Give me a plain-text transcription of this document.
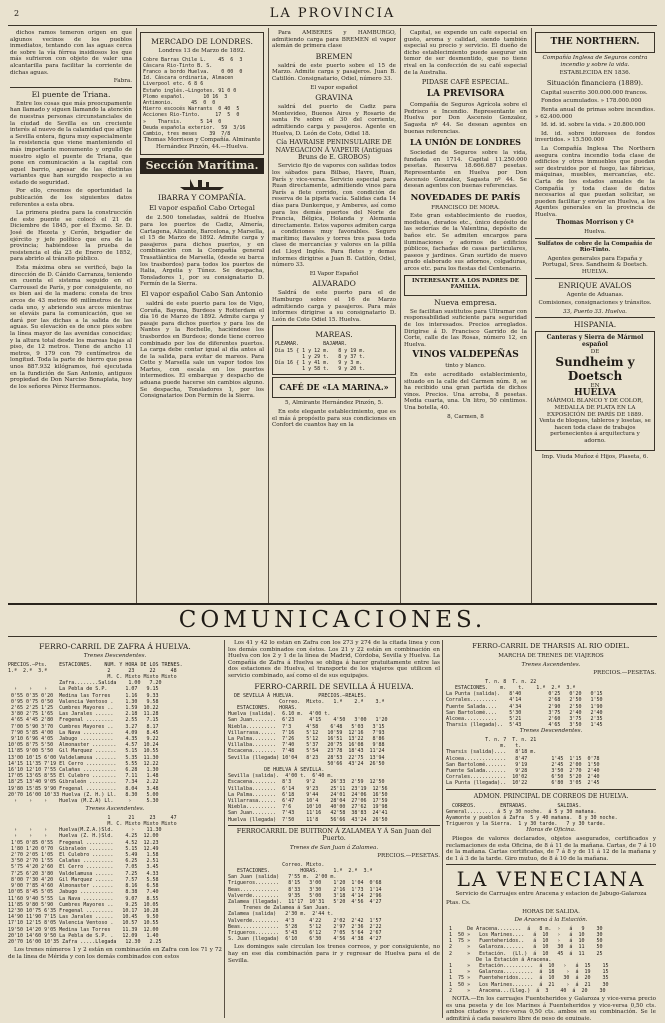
2	LA PROVINCIA

dichos ramos temeron origen en que algunos vecinos de los pueblos inmediatos, tentando con las aguas cerca de sobre la vía férrea insidiosos los que más sufrieron con objeto de valer una alcantarilla para facilitar la corriente de dichas aguas.

Fabra.

El puente de Triana.

Entre los cosas que más preocupamente han llamado y siguen llamando la atención de nuestras personas circunstanciales de la ciudad de Sevilla es un creciente interés al nuevo de la calamidad que aflige a Sevilla entera, figura muy especialmente la resistencia que viene manteniendo el más importante monumento y orgullo de nuestro siglo el puente de Triana, que pone en comunicación a la capital con aquel barrio, apesar de las distintas variantes que han surgido respecto a su estado de seguridad.

Por ello, creemos de oportunidad la publicación de los siguientes datos referentes a esta obra.

La primera piedra para la construcción de este puente se colocó el 21 de Diciembre de 1845, por el Excmo. Sr. D. José de Hezeta y Cerón, brigadier de ejército y jefe político que era de la provincia; habiéndose la prueba de resistencia el día 23 de Enero de 1852, para abrirlo al tránsito público.

Esta máxima obra se verificó, bajo la dirección de D. Cánido Carranza, teniendo en cuenta el sistema seguido en el Carrousel de París, y por consiguiente, no es bien así de la madera: consta de tres arcos de 43 metros 66 milímetros de luz cada uno, y abriendo sus arcos mientras se eleváis para la comunicación, que se dará por las dichas a la salida de las aguas. Su elevación es de once pies sobre la línea mayor de las avenidas conocidas; y la altura total desde los mareas bajas al piso, de 12 metros. Tiene de ancho 11 metros, 9 179 con 79 centímetros de longitud. Toda la parte de hierro que pesa unos 887.932 kilógramos, fué ejecutada en la fundición de San Antonio, antiguos propiedad de Don Narciso Bonaplata, hoy de los señores Pérez Hermanos.

MERCADO DE LONDRES.

Londres 13 de Marzo de 1892.

Cobre Barras Chile L.    45  6  3
Cáscara Rio-Tinto B. S.
Franco a bordo Huelva.    0 00  0
Id. Cáscara ordinaria, Almacen Liverpool etc. 6 8 6
Estaño inglés.—Lingotes. 91 0 0
Plomo español.      10 16  3
Antimonio.      45  0  0
Hierro escocés Warrants  0 40  5
Acciones Rio-Tinto.     17  5  0
»    Tharsis.      5 14  0
Deuda española exterior.  59  3/16
Cambio, tres meses    39  7/8

Thomas Morrison y Compañía. Almirante Hernández Pinzón, 44.—Huelva.

Sección Marítima.

IBARRA Y COMPAÑÍA.

El vapor español Cabo Ortegal

de 2.500 toneladas, saldrá de Huelva para los puertos de Cadiz, Almería, Cartagena, Alicante, Barcelona, y Marsella, el 15 de Marzo de 1892. Admite carga y pasajeros para dichos puertos, y en combinación con la Compañía general Trasatlántica de Marsella, (desde su barca los trasbordos) para todos los puertos de Italia, Argelia y Túnez. Se despacha, Tonsladores 1, por su consignatario D. Fermín de la Sierra.

El vapor español Cabo San Antonio

saldrá de este puerto para los de Vigo, Coruña, Bayona, Burdeos y Rotterdam el día 16 de Marzo de 1892. Admite carga y pasaje para dichos puertos y para los de Nantes y la Rochelle, haciéndose los trasbordos en Burdeos; donde tiene correo combinado por los de diferentes puertos. La carga debe contar igual al día antes al de la salida, para evitar de mareos. Para Cette y Marsella sale un vapor todos los Martes, con escala en los puertos intermedios. El embarque y despacho de aduana puede hacerse sin cambios alguno. Se despacha, Tonsladores 1, por los Consignatarios Don Fermín de la Sierra.

Para AMBERES y HAMBURGO, admitiendo carga para BREMEN el vapor alemán de primera clase

BREMEN

saldrá de este puerto sobre el 15 de Marzo. Admite carga y pasajeros. Juan B. Catillón. Consignatario, Odiel, número 33.

El vapor español

GRAVINA

saldrá del puerto de Cadiz para Montevideo, Buenos Aires y Rosario de santa Fe sobre el 30 del corriente, admitiendo carga y pasajeros. Agente en Huelva, D. León de Coto, Odiel 18.

Cía HAVRAISE PENINSULAIRE DE NAVEGACION Á VAPEUR (Antiguas Bruns de E. GROBOS)

Servicio fijo de vapores con salidas todos los sábados para Bilbao, Havre, Ruan, París y vice-versa. Servicio especial para Ruan directamente, admitiendo vinos para París a flete corrido, con condición de reserva de la pipeta vacía. Salidas cada 14 días para Dunkerque, y Amberes, así como para los demás puertos del Norte de Francia, Bélgica, Holanda y Alemania directamente. Estos vapores admiten carga a condiciones muy favorables. Seguro marítimo; flavales y torres tres pasa toda clase de mercancías y valores en la pilila del Lloyd Inglés. Para fletes y demas informes dirigirse a Juan B. Catilón, Odiel, número 33.

El Vapor Español

ALVARADO

Saldrá de este puerto para el de Hamburgo sobre el 16 de Marzo admitiendo carga y pasajeros. Para más informes dirigirse a su consignatario D. León de Coto Odiel 15. Huelva.

MAREAS.

PLEAMAR.        BAJAMAR.
Día 15 { 1 y 12 m.   8 y 19 m.
1 y 29 t.   8 y 37 t.
Día 16 { 1 y 41 m.   9 y 3 m.
1 y 58 t.   9 y 20 t.

CAFÉ DE «LA MARINA.»

5, Almirante Hernández Pinzón, 5.

En este elegante establecimiento, que es el más á propósito para sus condiciones en Confort de cuantos hay en la

Capital, se expende un café especial en gusto, aroma y calidad, siendo también especial su precio y servicio. El dueño de dicho establecimiento puede asegurar sin temor de ser desmentido, que no tiene rival en la confección de su café especial de la Australia.

PIDASE CAFÉ ESPECIAL.

LA PREVISORA

Compañía de Seguros Agrícola sobre el Pedrisco e Incendio. Representante en Huelva por Don Ascensio Gonzalez, Sagasta nº 44. Se desean agentes en buenas referencias.

LA UNIÓN DE LONDRES

Sociedad de Seguros sobre la vida, fundada en 1714. Capital 11.250.000 pesetas. Reserva 18.666.687 pesetas. Representante en Huelva por Don Ascensio Gonzalez, Sagasta nº 44. Se desean agentes con buenas referencias.

NOVEDADES DE PARÍS

FRANCISCO DE MORA.

Este gran establecimiento de ruedos, modistas, derados etc., único depósito de las sederías de la Valentina, depósito de baños etc. Se admiten encargos para iluminaciones y adornos de edificios públicos, fachadas de casas particulares, paseos y jardines. Gran surtido de nuevo grado elaborado sus adornos, colgaduras, arcos etc. para los fiestas del Centenario.

INTERESANTE A LOS PADRES DE FAMILIA.

Nueva empresa.

Se facilitan sustitutos para Ultramar con responsabilidad suficiente para seguridad de los interesados. Precios arreglados. Dirigirse á D. Francisco Garrido de la Corte, calle de las Rosas, número 12, en Huelva.

VINOS VALDEPEÑAS

tinto y blanco.

En este acreditado establecimiento, situado en la calle del Carmen núm. 8, se ha recibido una gran partida de dichos vinos. Precios. Una arroba, 8 pesetas. Media cuarta, una. Un litro, 50 céntimos. Una botella, 40.

8, Carmen, 8

THE NORTHERN.

Compañía Inglesa de Seguros contra incendio y sobre la vida.

ESTABLECIDA EN 1836.

Situación financiera (1889).

Capital suscrito 300.000.000 francos.

Fondos acumulados. » 178.000.000

Renta anual de primas sobre incendios. » 62.400.000

Id. id. id. sobre la vida. » 20.800.000

Id. id. sobre intereses de fondos invertidos. » 15.500.000

La Compañía Inglesa The Northern asegura contra incendio toda clase de edificios y otros inmuebles que puedan ser destruidos por el fuego, las fábricas, máquinas, muebles, mercancías, etc. Carta de los estados anuales de la Compañía y toda clase de datos necesarios al que puedan solicitar, se pueden facilitar y enviar en Huelva, a los Agentes generales en la provincia de Huelva.

Thomas Morrison y Cª

Huelva.

Sulfatos de cobre de la Compañía de Rio-Tinto.

Agentes generales para España y Portugal, Sres. Sandheim & Doetsch. HUELVA.

ENRIQUE AVALOS

Agente de Aduanas.

Comisiones, consignaciones y tránsitos.

33, Puerto 33. Huelva.

HISPANIA.

Canteras y Sierra de Mármol español
DE
Sundheim y Doetsch
EN
HUELVA

MÁRMOL BLANCO Y DE COLOR, MEDALLA DE PLATA EN LA EXPOSICIÓN DE PARÍS DE 1889. Venta de bloques, tableros y losetas, se hacen toda clase de trabajos pertenecientes á arquitectura y adorno.

Imp. Viuda Muñoz é Hijos, Plaseta, 6.

COMUNICACIONES.

FERRO-CARRIL DE ZAFRA Á HUELVA.

Trenes Descendentes.

PRECIOS.—Pts.    ESTACIONES.    NUM. Y HORA DE LOS TRENES.
1.ª  2.ª  3.ª                    2      23     22     48
M. C. Mixto Mixto Mixto
Zafra........Salida    1.00   7.20
›    ›    ›    La Pebla de S.P.      1.07   9.15
0'55 0'35 0'20  Medina las Torres     1.16   9.33
0'95 0'75 0'50  Valencia Ventoso .    1.30   9.58
2'65 2'25 1'25  Cumbres Mayores ..    1.59  10.22
3'80 2'75 1'65  Las Jarales ......    2.18  11.28
4'65 4'45 2'80  Fregenal .........    2.55   7.15
7'00 5'90 3'70  Cumbres Mayores ..    3.27   8.17
7'90 5'85 4'00  La Nava ..........    4.09   8.45
9'10 6'96 4'05  Jabugo ...........    4.35   9.22
10'05 8'75 5'50  Almonaster ........   4.57  10.24
11'85 9'00 5'50  Gil Marquez .......   5.15  10.55
13'00 10'15 6'00 Valdelamusa .......   5.35  11.30
14'15 11'35 7'19 El Cerro ..........   5.55  12.22
16'10 12'10 7'55 Calañas ...........   6.28   1.30
17'05 13'65 8'55 El Culebro ........   7.11   1.48
18'25 13'40 9'05 Gibraleón .........   7.34   2.22
19'80 15'85 9'90 Fregenal ..........   8.04   3.48
20'70 16'00 10'33 Huelva (Z. H.) Ll.   8.30   5.00
›    ›    ›    Huelva (M.Z.A) Ll.     ›     5.30

Trenes Ascendentes.

1      21     23     47
M. C. Mixto Mixto Mixto
›    ›    ›    Huelva(M.Z.A.)Sld.      ›    11.30
›    ›    ›    Huelva (Z. H.)Sld.    4.25  12.00
1'05 0'85 0'55  Fregenal .........    4.52  12.23
1'80 1'20 0'70  Gibraleón ........    5.15  12.49
2'70 2'05 1'05  El Culebro .......    5.49   1.58
3'50 2'70 1'55  Calañas ..........    6.25   2.51
5'75 4'20 2'60  El Cerro .........    7.05   3.45
7'25 6'20 3'80  Valdelamusa ......    7.25   4.33
8'00 7'30 4'20  Gil Marquez ......    7.57   5.58
9'00 7'85 4'60  Almonaster .......    8.16   6.58
10'05 8'45 5'05  Jabugo ...........    8.38   7.40
11'60 9'40 5'55  La Nava ..........    9.07   8.55
11'85 9'80 5'90  Cumbres Mayores ..    9.25  10.05
12'30 10'75 6'35 Fregenal .........   10.17  10.28
14'90 11'90 7'15 Las Jarales ......   10.45   9.50
17'10 12'15 8'05 Valencia Ventoso .   10.57  10.55
19'50 14'20 9'05 Medina las Torres    11.39  12.00
20'10 14'60 9'50 La Pebla de S.P. .   12.09   1.40
20'70 16'00 10'35 Zafra .....Llegada   12.30   2.25

Los trenes números 1 y 2 están en combinación en Zafra con los 71 y 72 de la línea de Mérida y con los demás combinados con estos

Los 41 y 42 lo están en Zafra con los 273 y 274 de la citada línea y con los demás combinados con éstos. Los 21 y 22 están en combinación en Huelva con los 2 y 1 de la línea de Madrid, Córdoba, Sevilla y Huelva. La Compañía de Zafra á Huelva se obliga á hacer gratuitamente entre las dos estaciones de Huelva, el transporte de los viajeros que utilicen el servicio combinado, así como el de sus equipajes.

FERRO-CARRIL DE SEVILLA Á HUELVA.

DE SEVILLA Á HUELVA.        PRECIOS.—REALES.
Correo.  Mixto.   1.ª    2.ª    3.ª
ESTACIONES.   HORAS.
Huelva (salida).  6.10 m.  4'00 t.
San Juan........  6'23     4'15    4'50   3'00   1'20
Niebla..........  7'3     4'58    6'48   5'03   3'15
Villarrasa......  7'16    5'12   10'59  12'16   7'93
La Palma........  7'26    5'12   16'51  13'22   8'86
Villalba........  7'40    5'37   20'75  16'08   9'88
Escacena........  7'48    5'54   23'78  18'43  11'24
Sevilla (llegada) 10'04   8'23   28'53  22'75  13'94
50'66  43'24  26'50
DE HUELVA Á SEVILLA.
Sevilla (salida).  4'00 t.  6'40 m.
Escacena........  8'3     9'2     26'33  2'59  12'50
Villalba........  6'14    9'23    25'11  23'19  12'56
La Palma........  6'18    9'44    24'01  24'06  16'50
Villarrasa......  6'47    10'4    28'04  27'06  17'59
Niebla..........  7'6     10'10   40'00  27'62  19'98
San Juan........  7'43    11'16   42'58  38'83  24'41
Huelva (llegada)  7'50    11'8    56'66  43'24  26'50

FERROCARRIL DE BUITRON Á ZALAMEA Y Á San Juan del Puerto.

Trenes de San Juan á Zalamea.

PRECIOS.—PESETAS.

Correo. Mixto.
ESTACIONES.          HORAS.     1.ª  2.ª  3.ª
San Juan (salida)   7'55 m.  2'00 m.
Trigueros........   8'15   3'00    1'20  1'04  0'68
Beas.............   8'33   3'30    2'16  1'73  1'14
Valverde.........   9'35   5'00    3'18  4'14  2'96
Zalamea (llegada).  11'17  10'31   5'20  4'56  4'27
Trenes de Zalamea á San Juan.
Zalamea (salida)   2'30 m.  2'44 t.
Valverde.........  4'3     4'22    2'02  2'42  1'57
Beas.............  5'28    5'12    2'97  2'36  2'22
Trigueros........  5'43    6'12    7'05  5'64  2'67
S. Juan (llegada)  6'10    6'30    4'56  4'38  4'27

Los domingos sale circulan los trenes correos, y por consiguiente, no hay en ese día combinación para ir y regresar de Huelva para el de Sevilla.

FERRO-CARRIL DE THARSIS AL RIO ODIEL.

MARCHA DE TRENES DE VIAJEROS

Trenes Ascendentes.

PRECIOS.—PESETAS.

T. n. 8  T. n. 22
ESTACIONES.    m.    t.    1.ª  2.ª  3.ª
La Punta (salida).   8'40         0'25   0'20   0'15
Corrales.........    4'14         2'68   2'50   1'50
Fuente Salada....    4'34         2'90   2'50   1'90
San Bartolomé....    5'30         3'75   2'40   2'40
Alcoea...........    5'21         2'60   3'75   2'35
Tharsis (llegada)..  5'43         4'65   3'50   1'45

Trenes Descendentes.

T. n. 7  T. n. 21
m.   t.
Tharsis (salida)....   8'18 m.
Alcoea..............   8'47        1'45  1'15  0'78
San Bartolomé.......   9'19        2'45  2'00  1'50
Fuente Salada.......   9'28        3'50  2'70  2'40
Corrales............  10'02        6'50  5'20  2'40
La Punta (llegada)..  10'22        6'80  3'05  2'45

ADMON. PRINCIPAL DE CORREOS DE HUELVA.

CORREOS.        ENTRADAS.          SALIDAS.
General......... á 5 y 30 noche.  á 5 y 30 mañana.
Ayamonte y pueblos á Zafra  5 y 40 mañana.  8 y 30 noche.
Trigueros y la Sierra.  1 y 30 tarde.   7 y 30 tarde.

Horas de Oficina.

Pliegos de valores declarados, objetos asegurados, certificados y reclamaciones de esta Oficina, de 8 á 11 de la mañana. Cartas, de 7 á 10 de la mañana. Cartas certificadas, de 7 á 8 y de 11 á 12 de la mañana y de 1 á 3 de la tarde. Giro mutuo, de 8 á 10 de la mañana.

LA VENECIANA

Servicio de Carruajes entre Aracena y estacion de Jabugo-Galaroza

Ptas. Cs.

HORAS DE SALIDA.

De Aracena á la Estación.

1     De Aracena........  á   8 m.  ›   á   9    30
1  50 »   Los Marines....   á  10   ›   á  10    30
1  75 »   Fuenteheridos..   á  10   ›   á  10    50
2     »   Galaroza.......   á  10   30  á  11    50
2     »   Estación.  (Ll.)  á  10   45  á  11    25
De la Estación á Aracena.
1     »   Estación..........  á  10   ›   á  15    15
1     »   Galaroza..........  á  18    ›  á  19    15
1  75 »   Fuenteheridos.....  á  10   30  á  20    35
1  50 »   Los Marines.......  á  21    ›  á  21    30
2     »   Aracena...(Lleg.)  á  3    40  á  20    30

NOTA.—En los carruajes Fuenteheridos y Galaroza y vice-versa precio es una peseta y de los Marines á Fuenteheridos y vice-versa 0,50 cts. ambos citados y vice-versa 0,50 cts. ambos en su combinación. Se le admitirá á cada pasajero libre de peso de equipaje.
